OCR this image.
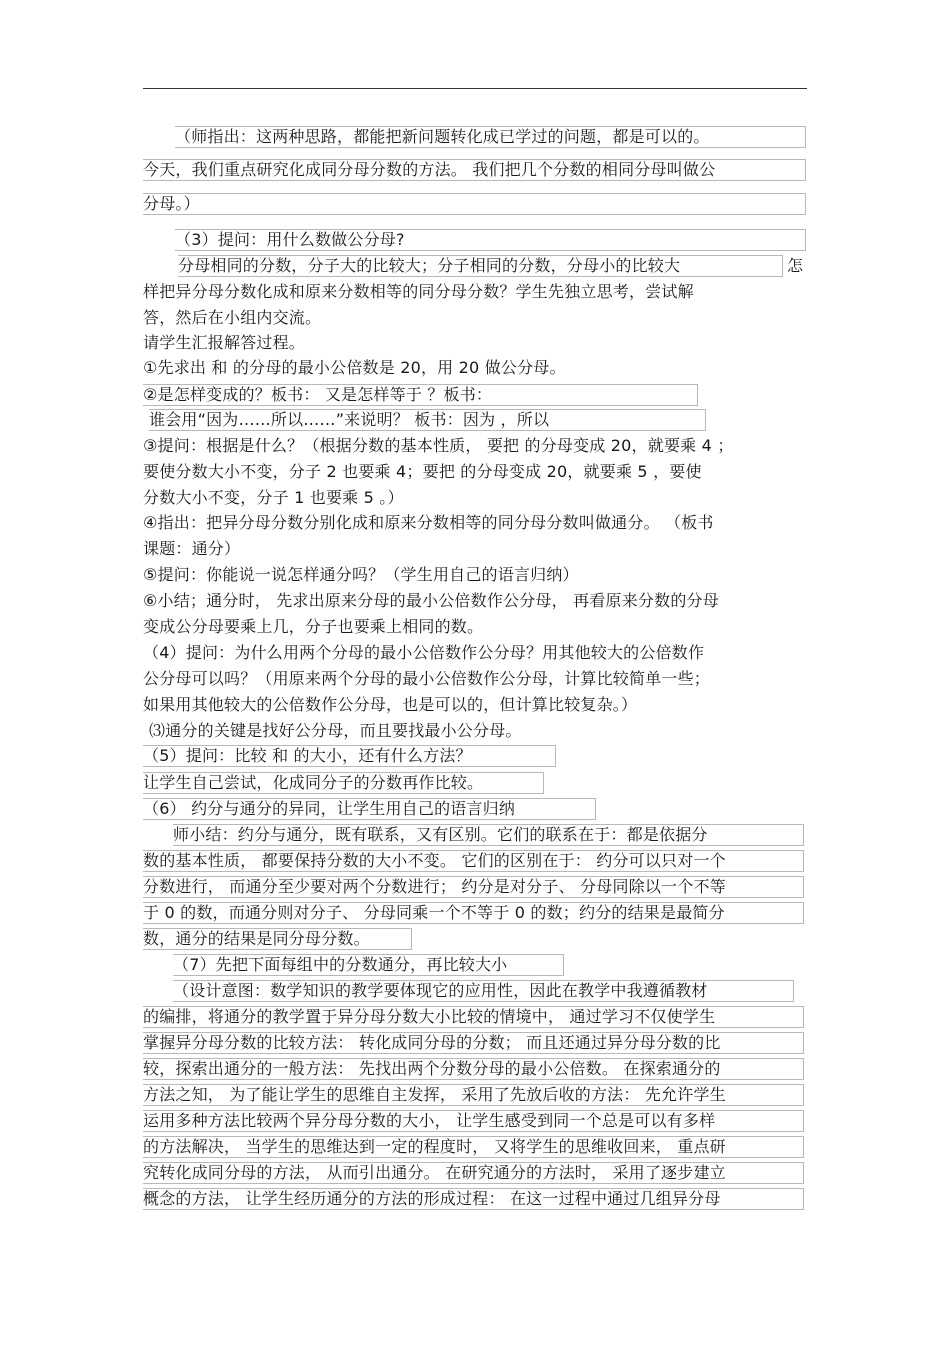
（师指出：这两种思路，都能把新问题转化成已学过的问题，都是可以的。
今天，我们重点研究化成同分母分数的方法。 我们把几个分数的相同分母叫做公
分母。）
（3）提问：用什么数做公分母?
分母相同的分数，分子大的比较大；分子相同的分数，分母小的比较大	怎
样把异分母分数化成和原来分数相等的同分母分数？学生先独立思考，尝试解
答，然后在小组内交流。
请学生汇报解答过程。
①先求出 和 的分母的最小公倍数是 20，用 20 做公分母。
②是怎样变成的？板书： 又是怎样等于 ？板书：
谁会用“因为……所以……”来说明？ 板书：因为 ，所以
③提问：根据是什么？（根据分数的基本性质， 要把 的分母变成 20，就要乘 4 ；
要使分数大小不变，分子 2 也要乘 4；要把 的分母变成 20，就要乘 5 ，要使
分数大小不变，分子 1 也要乘 5 。）
④指出：把异分母分数分别化成和原来分数相等的同分母分数叫做通分。 （板书
课题：通分）
⑤提问：你能说一说怎样通分吗？（学生用自己的语言归纳）
⑥小结；通分时， 先求出原来分母的最小公倍数作公分母， 再看原来分数的分母
变成公分母要乘上几，分子也要乘上相同的数。
（4）提问：为什么用两个分母的最小公倍数作公分母？用其他较大的公倍数作
公分母可以吗？（用原来两个分母的最小公倍数作公分母，计算比较简单一些；
如果用其他较大的公倍数作公分母，也是可以的，但计算比较复杂。）
⑶通分的关键是找好公分母，而且要找最小公分母。
（5）提问：比较 和 的大小，还有什么方法？
让学生自己尝试，化成同分子的分数再作比较。
（6） 约分与通分的异同，让学生用自己的语言归纳
师小结：约分与通分，既有联系，又有区别。它们的联系在于：都是依据分
数的基本性质， 都要保持分数的大小不变。 它们的区别在于： 约分可以只对一个
分数进行， 而通分至少要对两个分数进行； 约分是对分子、 分母同除以一个不等
于 0 的数，而通分则对分子、 分母同乘一个不等于 0 的数；约分的结果是最简分
数，通分的结果是同分母分数。
（7）先把下面每组中的分数通分，再比较大小
（设计意图：数学知识的教学要体现它的应用性，因此在教学中我遵循教材
的编排，将通分的教学置于异分母分数大小比较的情境中， 通过学习不仅使学生
掌握异分母分数的比较方法： 转化成同分母的分数； 而且还通过异分母分数的比
较，探索出通分的一般方法： 先找出两个分数分母的最小公倍数。 在探索通分的
方法之知， 为了能让学生的思维自主发挥， 采用了先放后收的方法： 先允许学生
运用多种方法比较两个异分母分数的大小， 让学生感受到同一个总是可以有多样
的方法解决， 当学生的思维达到一定的程度时， 又将学生的思维收回来， 重点研
究转化成同分母的方法， 从而引出通分。 在研究通分的方法时， 采用了逐步建立
概念的方法， 让学生经历通分的方法的形成过程： 在这一过程中通过几组异分母
